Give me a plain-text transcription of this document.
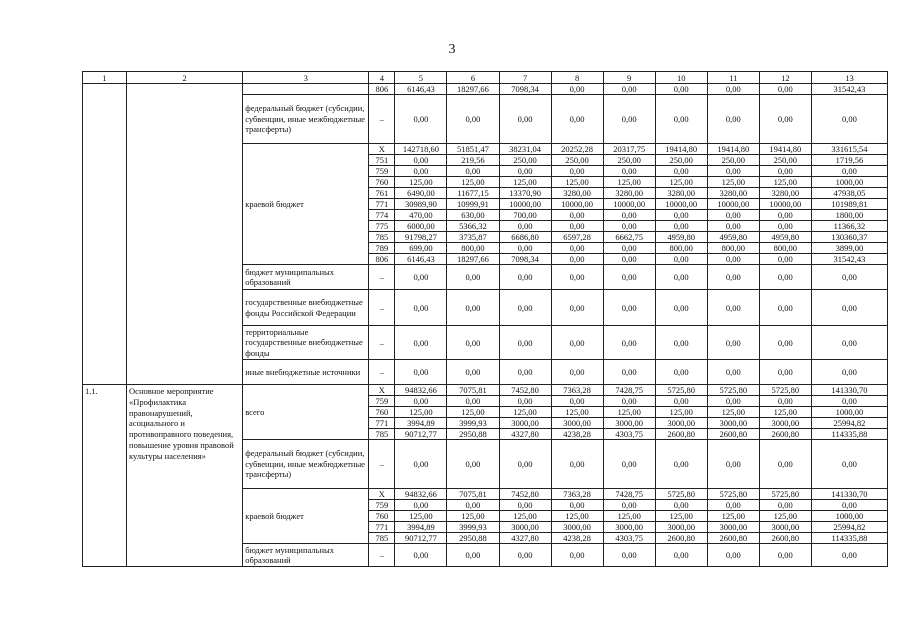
3
1	2	3	4	5	6	7	8	9	10	11	12	13
			806	6146,43	18297,66	7098,34	0,00	0,00	0,00	0,00	0,00	31542,43
		федеральный бюджет (субсидии, субвенции, иные межбюджетные трансферты)	–	0,00	0,00	0,00	0,00	0,00	0,00	0,00	0,00	0,00
		краевой бюджет	X	142718,60	51851,47	38231,04	20252,28	20317,75	19414,80	19414,80	19414,80	331615,54
			751	0,00	219,56	250,00	250,00	250,00	250,00	250,00	250,00	1719,56
			759	0,00	0,00	0,00	0,00	0,00	0,00	0,00	0,00	0,00
			760	125,00	125,00	125,00	125,00	125,00	125,00	125,00	125,00	1000,00
			761	6490,00	11677,15	13370,90	3280,00	3280,00	3280,00	3280,00	3280,00	47938,05
			771	30989,90	10999,91	10000,00	10000,00	10000,00	10000,00	10000,00	10000,00	101989,81
			774	470,00	630,00	700,00	0,00	0,00	0,00	0,00	0,00	1800,00
			775	6000,00	5366,32	0,00	0,00	0,00	0,00	0,00	0,00	11366,32
			785	91798,27	3735,87	6686,80	6597,28	6662,75	4959,80	4959,80	4959,80	130360,37
			789	699,00	800,00	0,00	0,00	0,00	800,00	800,00	800,00	3899,00
			806	6146,43	18297,66	7098,34	0,00	0,00	0,00	0,00	0,00	31542,43
		бюджет муниципальных образований	–	0,00	0,00	0,00	0,00	0,00	0,00	0,00	0,00	0,00
		государственные внебюджетные фонды Российской Федерации	–	0,00	0,00	0,00	0,00	0,00	0,00	0,00	0,00	0,00
		территориальные государственные внебюджетные фонды	–	0,00	0,00	0,00	0,00	0,00	0,00	0,00	0,00	0,00
		иные внебюджетные источники	–	0,00	0,00	0,00	0,00	0,00	0,00	0,00	0,00	0,00
1.1.	Основное мероприятие «Профилактика правонарушений, асоциального и противоправного поведения, повышение уровня правовой культуры населения»	всего	X	94832,66	7075,81	7452,80	7363,28	7428,75	5725,80	5725,80	5725,80	141330,70
			759	0,00	0,00	0,00	0,00	0,00	0,00	0,00	0,00	0,00
			760	125,00	125,00	125,00	125,00	125,00	125,00	125,00	125,00	1000,00
			771	3994,89	3999,93	3000,00	3000,00	3000,00	3000,00	3000,00	3000,00	25994,82
			785	90712,77	2950,88	4327,80	4238,28	4303,75	2600,80	2600,80	2600,80	114335,88
		федеральный бюджет (субсидии, субвенции, иные межбюджетные трансферты)	–	0,00	0,00	0,00	0,00	0,00	0,00	0,00	0,00	0,00
		краевой бюджет	X	94832,66	7075,81	7452,80	7363,28	7428,75	5725,80	5725,80	5725,80	141330,70
			759	0,00	0,00	0,00	0,00	0,00	0,00	0,00	0,00	0,00
			760	125,00	125,00	125,00	125,00	125,00	125,00	125,00	125,00	1000,00
			771	3994,89	3999,93	3000,00	3000,00	3000,00	3000,00	3000,00	3000,00	25994,82
			785	90712,77	2950,88	4327,80	4238,28	4303,75	2600,80	2600,80	2600,80	114335,88
		бюджет муниципальных образований	–	0,00	0,00	0,00	0,00	0,00	0,00	0,00	0,00	0,00
